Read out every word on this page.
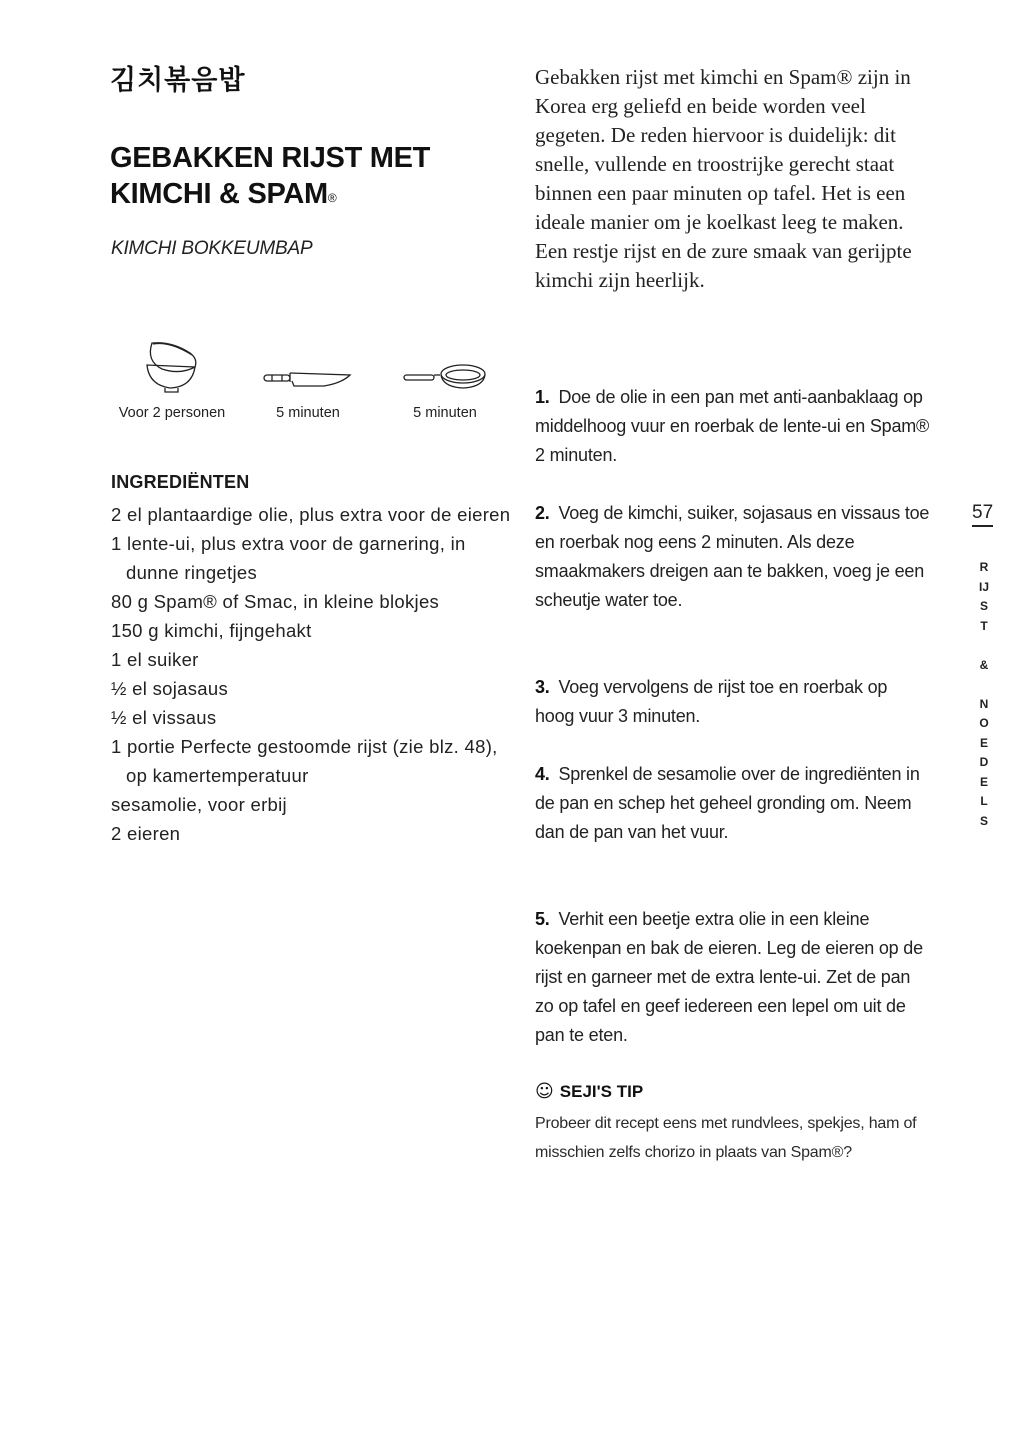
김치볶음밥
GEBAKKEN RIJST MET
KIMCHI & SPAM®
KIMCHI BOKKEUMBAP
Voor 2 personen	5 minuten	5 minuten
INGREDIËNTEN
2 el plantaardige olie, plus extra voor de eieren
1 lente-ui, plus extra voor de garnering, in dunne ringetjes
80 g Spam® of Smac, in kleine blokjes
150 g kimchi, fijngehakt
1 el suiker
½ el sojasaus
½ el vissaus
1 portie Perfecte gestoomde rijst (zie blz. 48), op kamertemperatuur
sesamolie, voor erbij
2 eieren

Gebakken rijst met kimchi en Spam® zijn in Korea erg geliefd en beide worden veel gegeten. De reden hiervoor is duidelijk: dit snelle, vullende en troostrijke gerecht staat binnen een paar minuten op tafel. Het is een ideale manier om je koelkast leeg te maken. Een restje rijst en de zure smaak van gerijpte kimchi zijn heerlijk.

1. Doe de olie in een pan met anti-aanbaklaag op middelhoog vuur en roerbak de lente-ui en Spam® 2 minuten.
2. Voeg de kimchi, suiker, sojasaus en vissaus toe en roerbak nog eens 2 minuten. Als deze smaakmakers dreigen aan te bakken, voeg je een scheutje water toe.
3. Voeg vervolgens de rijst toe en roerbak op hoog vuur 3 minuten.
4. Sprenkel de sesamolie over de ingrediënten in de pan en schep het geheel gronding om. Neem dan de pan van het vuur.
5. Verhit een beetje extra olie in een kleine koekenpan en bak de eieren. Leg de eieren op de rijst en garneer met de extra lente-ui. Zet de pan zo op tafel en geef iedereen een lepel om uit de pan te eten.
☺ SEJI'S TIP

Probeer dit recept eens met rundvlees, spekjes, ham of misschien zelfs chorizo in plaats van Spam®?

57
R
IJ
S
T
&
N
O
E
D
E
L
S
